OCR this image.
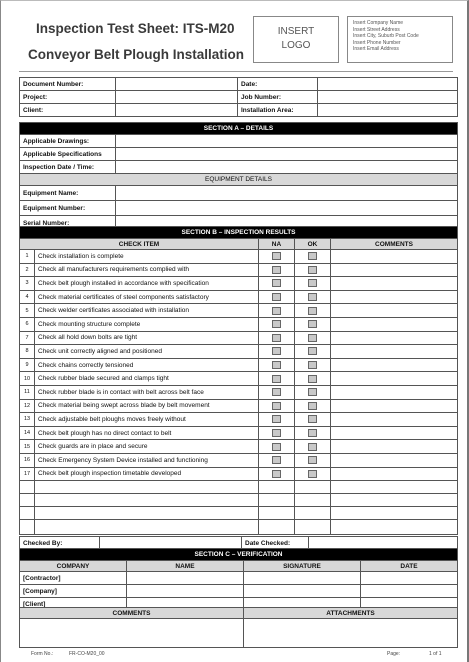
Inspection Test Sheet: ITS-M20
Conveyor Belt Plough Installation
INSERT
LOGO
Insert Company Name
Insert Street Address
Insert City, Suburb Post Code
Insert Phone Number
Insert Email Address
Document Number:		Date:	
Project:		Job Number:	
Client:		Installation Area:	
SECTION A – DETAILS	
Applicable Drawings:	
Applicable Specifications	
Inspection Date / Time:	
EQUIPMENT DETAILS	
Equipment Name:	
Equipment Number:	
Serial Number:	
SECTION B – INSPECTION RESULTS				
CHECK ITEM		NA	OK	COMMENTS
1	Check installation is complete			
2	Check all manufacturers requirements complied with			
3	Check belt plough installed in accordance with specification			
4	Check material certificates of steel components satisfactory			
5	Check welder certificates associated with installation			
6	Check mounting structure complete			
7	Check all hold down bolts are tight			
8	Check unit correctly aligned and positioned			
9	Check chains correctly tensioned			
10	Check rubber blade secured and clamps tight			
11	Check rubber blade is in contact with belt across belt face			
12	Check material being swept across blade by belt movement			
13	Check adjustable belt ploughs moves freely without			
14	Check belt plough has no direct contact to belt			
15	Check guards are in place and secure			
16	Check Emergency System Device installed and functioning			
17	Check belt plough inspection timetable developed			

Checked By:		Date Checked:	
SECTION C – VERIFICATION			
COMPANY	NAME	SIGNATURE	DATE
[Contractor]			
[Company]			
[Client]			
COMMENTS	ATTACHMENTS

Form No.:	FR-CO-M20_00	Page:	1 of 1
